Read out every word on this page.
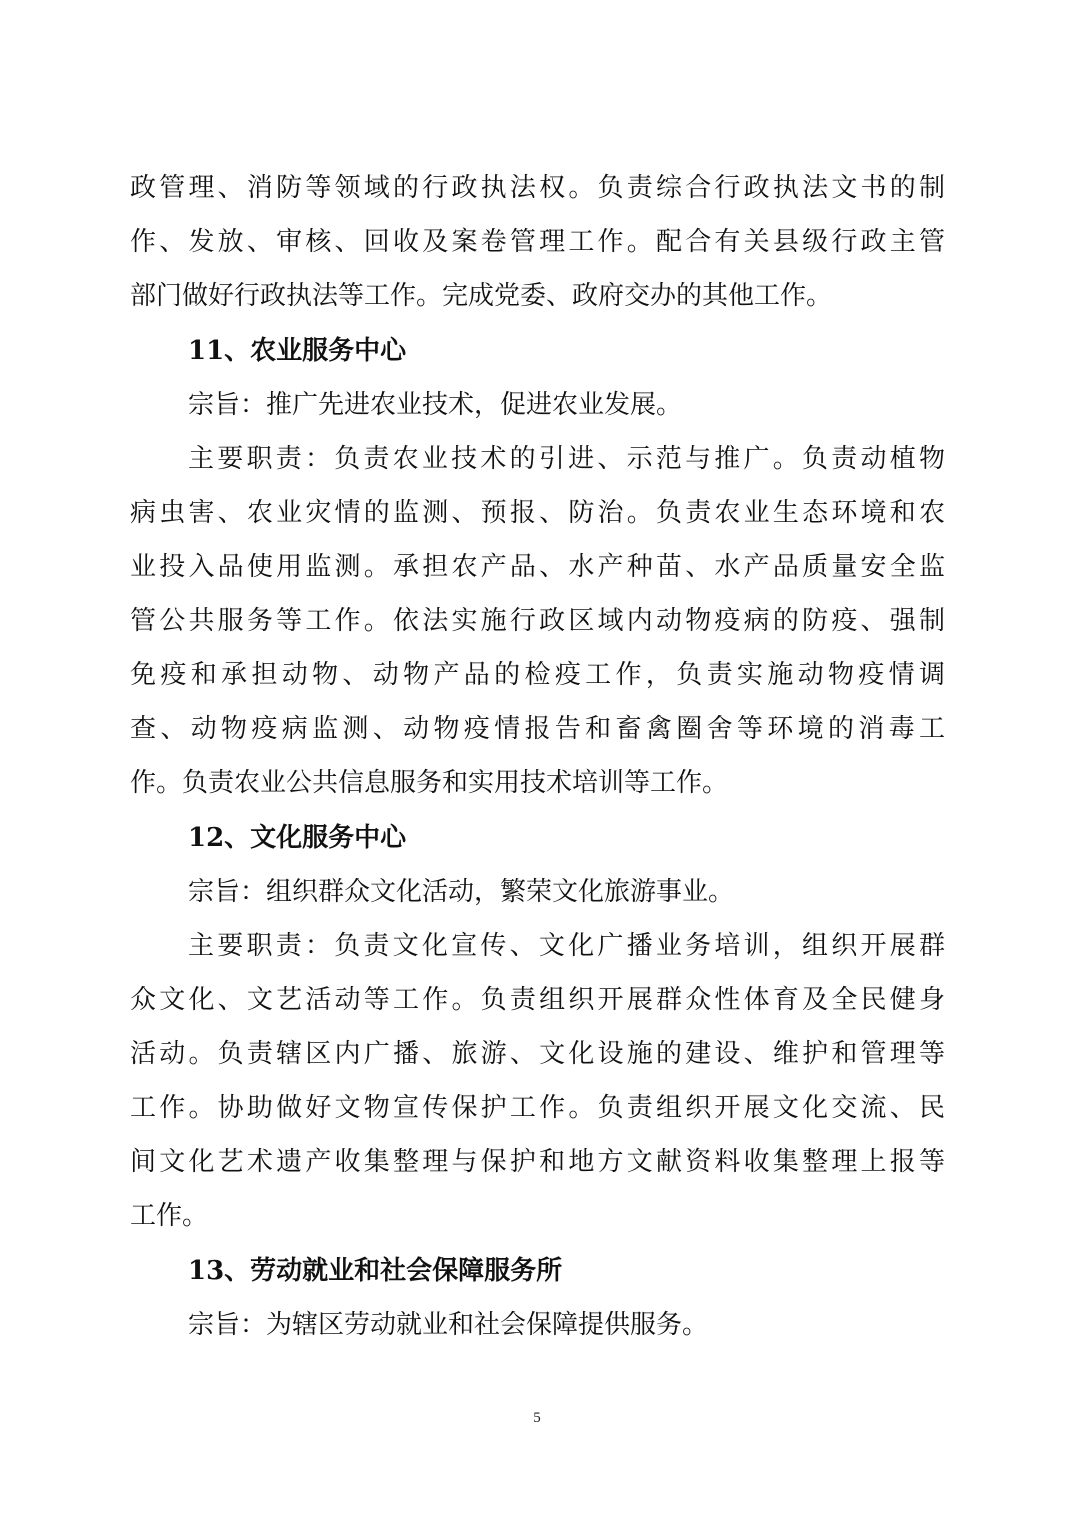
政管理、消防等领域的行政执法权。负责综合行政执法文书的制
作、发放、审核、回收及案卷管理工作。配合有关县级行政主管
部门做好行政执法等工作。完成党委、政府交办的其他工作。
11、农业服务中心
宗旨：推广先进农业技术，促进农业发展。
主要职责：负责农业技术的引进、示范与推广。负责动植物
病虫害、农业灾情的监测、预报、防治。负责农业生态环境和农
业投入品使用监测。承担农产品、水产种苗、水产品质量安全监
管公共服务等工作。依法实施行政区域内动物疫病的防疫、强制
免疫和承担动物、动物产品的检疫工作，负责实施动物疫情调
查、动物疫病监测、动物疫情报告和畜禽圈舍等环境的消毒工
作。负责农业公共信息服务和实用技术培训等工作。
12、文化服务中心
宗旨：组织群众文化活动，繁荣文化旅游事业。
主要职责：负责文化宣传、文化广播业务培训，组织开展群
众文化、文艺活动等工作。负责组织开展群众性体育及全民健身
活动。负责辖区内广播、旅游、文化设施的建设、维护和管理等
工作。协助做好文物宣传保护工作。负责组织开展文化交流、民
间文化艺术遗产收集整理与保护和地方文献资料收集整理上报等
工作。
13、劳动就业和社会保障服务所
宗旨：为辖区劳动就业和社会保障提供服务。
5
